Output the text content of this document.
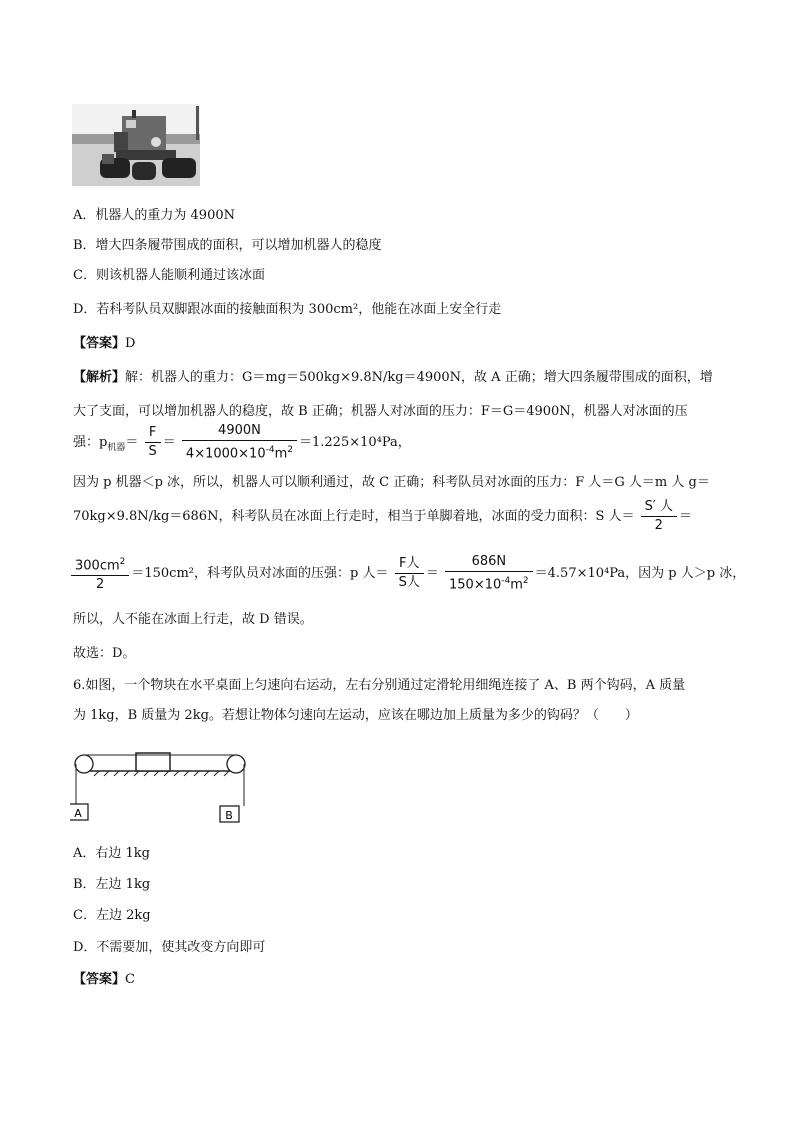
A．机器人的重力为 4900N
B．增大四条履带围成的面积，可以增加机器人的稳度
C．则该机器人能顺利通过该冰面
D．若科考队员双脚跟冰面的接触面积为 300cm²，他能在冰面上安全行走
【答案】D
【解析】解：机器人的重力：G＝mg＝500kg×9.8N/kg＝4900N，故 A 正确；增大四条履带围成的面积，增
大了支面，可以增加机器人的稳度，故 B 正确；机器人对冰面的压力：F＝G＝4900N，机器人对冰面的压
强：$p_{机器}= \frac{F}{S} = \frac{4900N}{4\times 1000\times 10^{-4}m^2} =1.225\times 10^4Pa$，
因为 p 机器＜p 冰，所以，机器人可以顺利通过，故 C 正确；科考队员对冰面的压力：F 人＝G 人＝m 人 g＝
70kg×9.8N/kg＝686N，科考队员在冰面上行走时，相当于单脚着地，冰面的受力面积：S 人＝ $\frac{\text{S′ 人}}{2}$ ＝
$\frac{300cm^2}{2} =150cm^2$，科考队员对冰面的压强：p 人＝ $\frac{\text{F人}}{\text{S人}} = \frac{686N}{150\times 10^{-4}m^2} =4.57\times 10^4Pa$，因为 p 人＞p 冰，
所以，人不能在冰面上行走，故 D 错误。
故选：D。
6.如图，一个物块在水平桌面上匀速向右运动，左右分别通过定滑轮用细绳连接了 A、B 两个钩码，A 质量
为 1kg，B 质量为 2kg。若想让物体匀速向左运动，应该在哪边加上质量为多少的钩码？（　　）
A	B
A．右边 1kg
B．左边 1kg
C．左边 2kg
D．不需要加，使其改变方向即可
【答案】C
